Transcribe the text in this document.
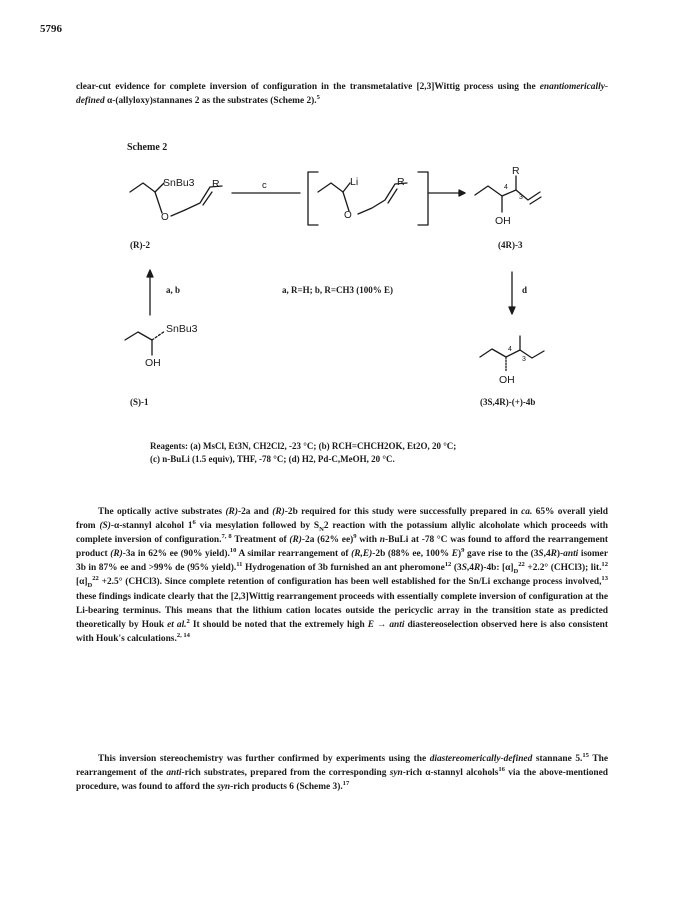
5796
clear-cut evidence for complete inversion of configuration in the transmetalative [2,3]Wittig process using the enantiomerically-defined α-(allyloxy)stannanes 2 as the substrates (Scheme 2).$^5$
Scheme 2
O	O
SnBu3 R	c	Li	R
R
OH
4
3
SnBu3
OH
OH
4
3
(R)-2	(4R)-3
a, b	a, R=H; b, R=CH3 (100% E)	d
(S)-1	(3S,4R)-(+)-4b
Reagents: (a) MsCl, Et3N, CH2Cl2, -23 °C; (b) RCH=CHCH2OK, Et2O, 20 °C;
(c) n-BuLi (1.5 equiv), THF, -78 °C; (d) H2, Pd-C,MeOH, 20 °C.
The optically active substrates (R)-2a and (R)-2b required for this study were successfully prepared in ca. 65% overall yield from (S)-α-stannyl alcohol $1^6$ via mesylation followed by $S_N2$ reaction with the potassium allylic alcoholate which proceeds with complete inversion of configuration.$^{7, 8}$ Treatment of (R)-2a (62% ee)$^9$ with n-BuLi at -78 °C was found to afford the rearrangement product (R)-3a in 62% ee (90% yield).$^{10}$ A similar rearrangement of (R,E)-2b (88% ee, 100% E)$^9$ gave rise to the (3S,4R)-anti isomer 3b in 87% ee and >99% de (95% yield).$^{11}$ Hydrogenation of 3b furnished an ant pheromone$^{12}$ (3S,4R)-4b: $[\alpha]_D^{22} +2.2^\circ$ (CHCl3); lit.$^{12}$ $[\alpha]_D^{22} +2.5^\circ$ (CHCl3). Since complete retention of configuration has been well established for the Sn/Li exchange process involved,$^{13}$ these findings indicate clearly that the [2,3]Wittig rearrangement proceeds with essentially complete inversion of configuration at the Li-bearing terminus. This means that the lithium cation locates outside the pericyclic array in the transition state as predicted theoretically by Houk et al.$^2$ It should be noted that the extremely high E → anti diastereoselection observed here is also consistent with Houk's calculations.$^{2, 14}$
This inversion stereochemistry was further confirmed by experiments using the diastereomerically-defined stannane 5.15 The rearrangement of the anti-rich substrates, prepared from the corresponding syn-rich α-stannyl alcohols$^{16}$ via the above-mentioned procedure, was found to afford the syn-rich products 6 (Scheme 3).$^{17}$
